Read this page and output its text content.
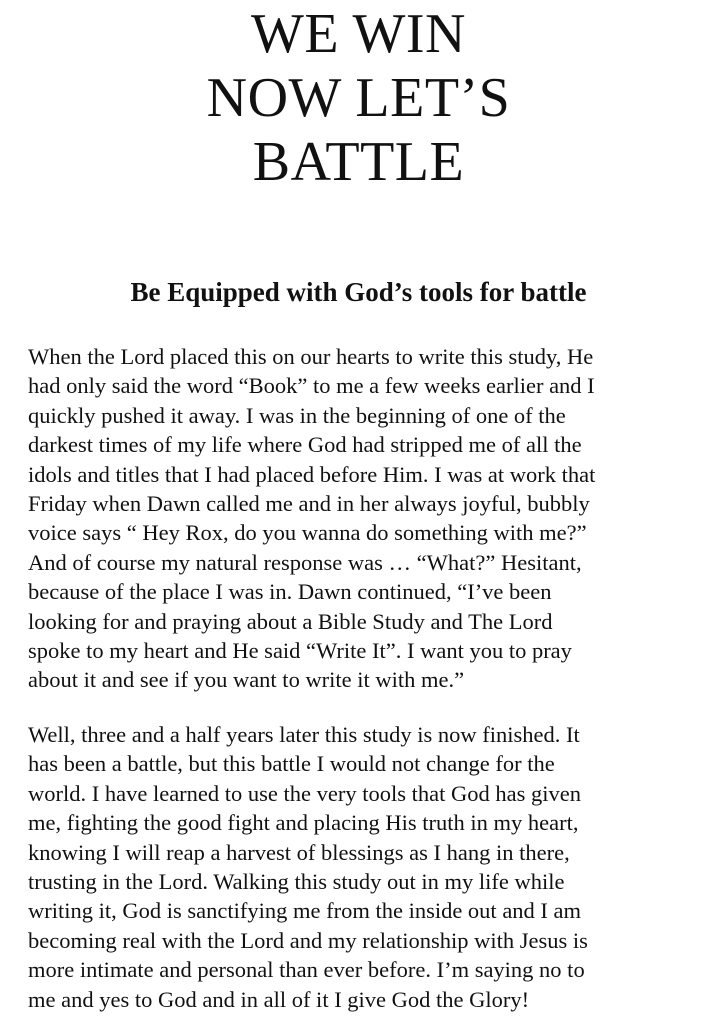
WE WIN
NOW LET’S
BATTLE
Be Equipped with God’s tools for battle

When the Lord placed this on our hearts to write this study, He
had only said the word “Book” to me a few weeks earlier and I
quickly pushed it away. I was in the beginning of one of the
darkest times of my life where God had stripped me of all the
idols and titles that I had placed before Him. I was at work that
Friday when Dawn called me and in her always joyful, bubbly
voice says “ Hey Rox, do you wanna do something with me?”
And of course my natural response was … “What?” Hesitant,
because of the place I was in. Dawn continued, “I’ve been
looking for and praying about a Bible Study and The Lord
spoke to my heart and He said “Write It”. I want you to pray
about it and see if you want to write it with me.”

Well, three and a half years later this study is now finished. It
has been a battle, but this battle I would not change for the
world. I have learned to use the very tools that God has given
me, fighting the good fight and placing His truth in my heart,
knowing I will reap a harvest of blessings as I hang in there,
trusting in the Lord. Walking this study out in my life while
writing it, God is sanctifying me from the inside out and I am
becoming real with the Lord and my relationship with Jesus is
more intimate and personal than ever before. I’m saying no to
me and yes to God and in all of it I give God the Glory!
